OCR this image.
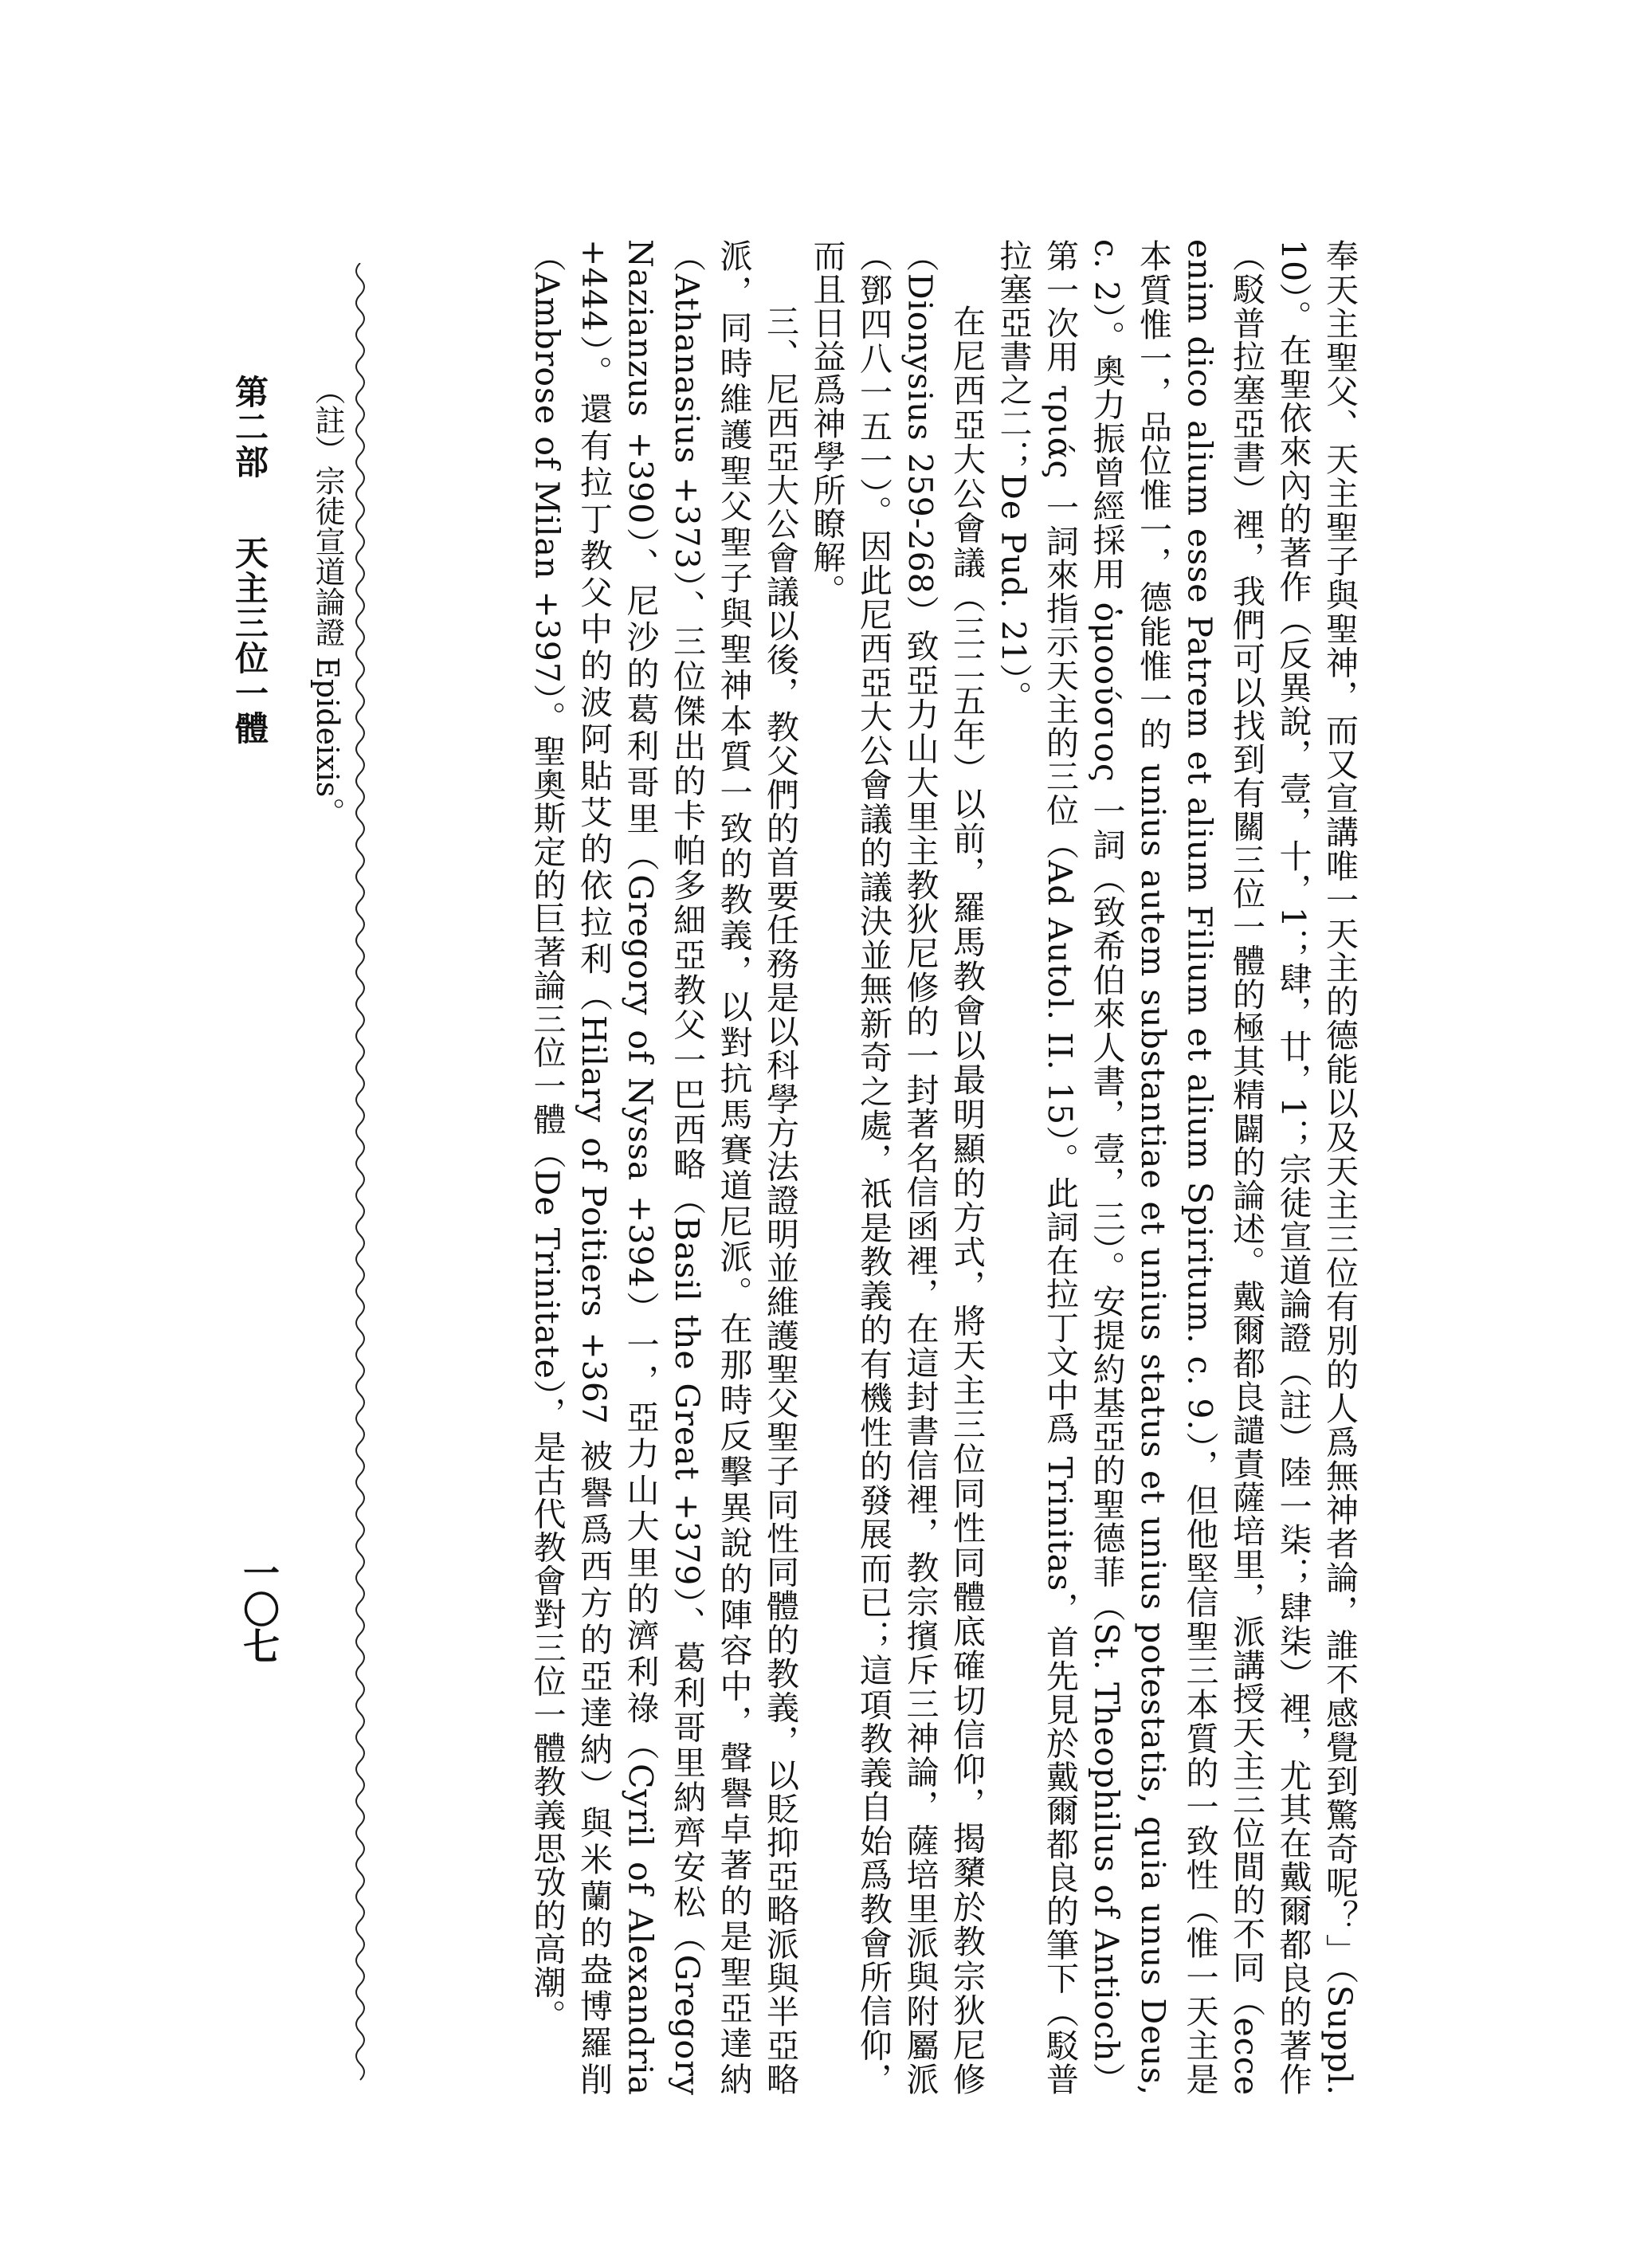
奉天主聖父、天主聖子與聖神，而又宣講唯一天主的德能以及天主三位有別的人爲無神者論，誰不感覺到驚奇呢？」（Suppl. 10）。在聖依來內的著作（反異說，壹，十，1；肆，廿，1；宗徒宣道論證（註）陸一柒；肆柒）裡，尤其在戴爾都良的著作（駁普拉塞亞書）裡，我們可以找到有關三位一體的極其精闢的論述。戴爾都良譴責薩培里，派講授天主三位間的不同（ecce enim dico alium esse Patrem et alium Filium et alium Spiritum. c. 9.），但他堅信聖三本質的一致性（惟一天主是本質惟一，品位惟一，德能惟一的 unius autem substantiae et unius status et unius potestatis, quia unus Deus, c. 2）。奧力振曾經採用 ὁμοούσιος 一詞（致希伯來人書，壹，三）。安提約基亞的聖德菲（St. Theophilus of Antioch）第一次用 τριάς 一詞來指示天主的三位（Ad Autol. II. 15）。此詞在拉丁文中爲 Trinitas，首先見於戴爾都良的筆下（駁普拉塞亞書之二；De Pud. 21）。

在尼西亞大公會議（三二五年）以前，羅馬教會以最明顯的方式，將天主三位同性同體底確切信仰，揭櫫於教宗狄尼修（Dionysius 259-268）致亞力山大里主教狄尼修的一封著名信函裡，在這封書信裡，教宗擯斥三神論，薩培里派與附屬派（鄧四八一五一）。因此尼西亞大公會議的議決並無新奇之處，祇是教義的有機性的發展而已；這項教義自始爲教會所信仰，而且日益爲神學所瞭解。

三、尼西亞大公會議以後，教父們的首要任務是以科學方法證明並維護聖父聖子同性同體的教義，以貶抑亞略派與半亞略派，同時維護聖父聖子與聖神本質一致的教義，以對抗馬賽道尼派。在那時反擊異說的陣容中，聲譽卓著的是聖亞達納（Athanasius +373）、三位傑出的卡帕多細亞教父一巴西略（Basil the Great +379）、葛利哥里納齊安松（Gregory Nazianzus +390）、尼沙的葛利哥里（Gregory of Nyssa +394）一，亞力山大里的濟利祿（Cyril of Alexandria +444）。還有拉丁教父中的波阿貼艾的依拉利（Hilary of Poitiers +367 被譽爲西方的亞達納）與米蘭的盎博羅削（Ambrose of Milan +397）。聖奧斯定的巨著論三位一體（De Trinitate），是古代教會對三位一體教義思攷的高潮。

（註）宗徒宣道論證 Epideixis。
第二部天主三位一體
一〇七
